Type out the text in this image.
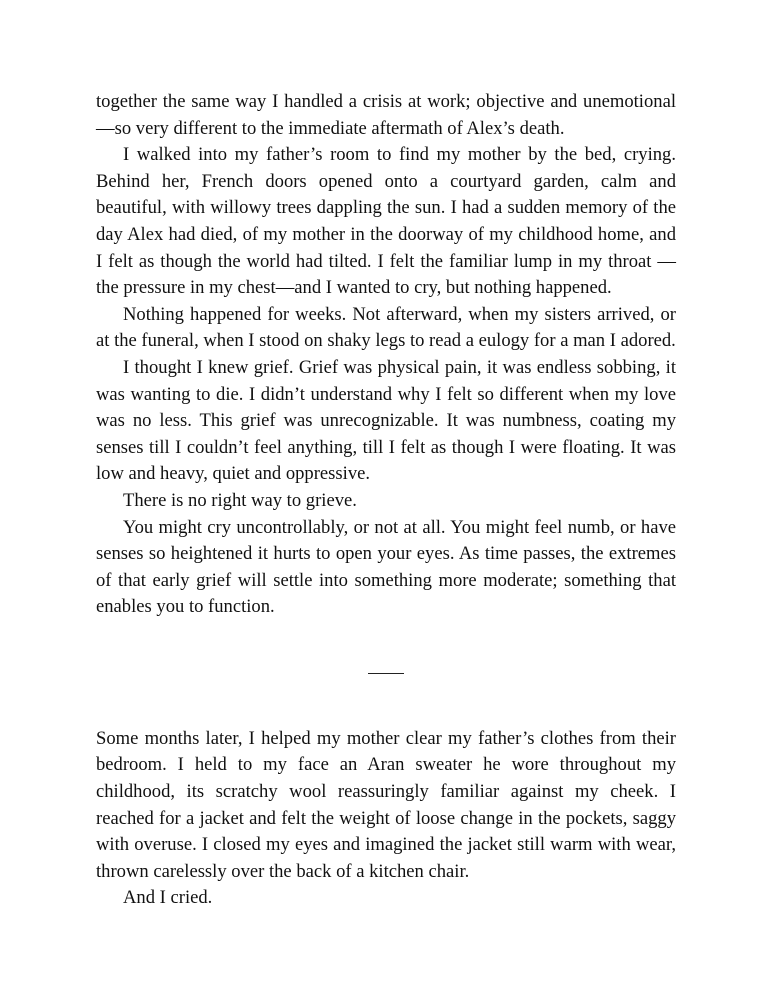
together the same way I handled a crisis at work; objective and unemotional —so very different to the immediate aftermath of Alex’s death.

I walked into my father’s room to find my mother by the bed, crying. Behind her, French doors opened onto a courtyard garden, calm and beautiful, with willowy trees dappling the sun. I had a sudden memory of the day Alex had died, of my mother in the doorway of my childhood home, and I felt as though the world had tilted. I felt the familiar lump in my throat —the pressure in my chest—and I wanted to cry, but nothing happened.

Nothing happened for weeks. Not afterward, when my sisters arrived, or at the funeral, when I stood on shaky legs to read a eulogy for a man I adored.

I thought I knew grief. Grief was physical pain, it was endless sobbing, it was wanting to die. I didn’t understand why I felt so different when my love was no less. This grief was unrecognizable. It was numbness, coating my senses till I couldn’t feel anything, till I felt as though I were floating. It was low and heavy, quiet and oppressive.

There is no right way to grieve.

You might cry uncontrollably, or not at all. You might feel numb, or have senses so heightened it hurts to open your eyes. As time passes, the extremes of that early grief will settle into something more moderate; something that enables you to function.

Some months later, I helped my mother clear my father’s clothes from their bedroom. I held to my face an Aran sweater he wore throughout my childhood, its scratchy wool reassuringly familiar against my cheek. I reached for a jacket and felt the weight of loose change in the pockets, saggy with overuse. I closed my eyes and imagined the jacket still warm with wear, thrown carelessly over the back of a kitchen chair.

And I cried.
